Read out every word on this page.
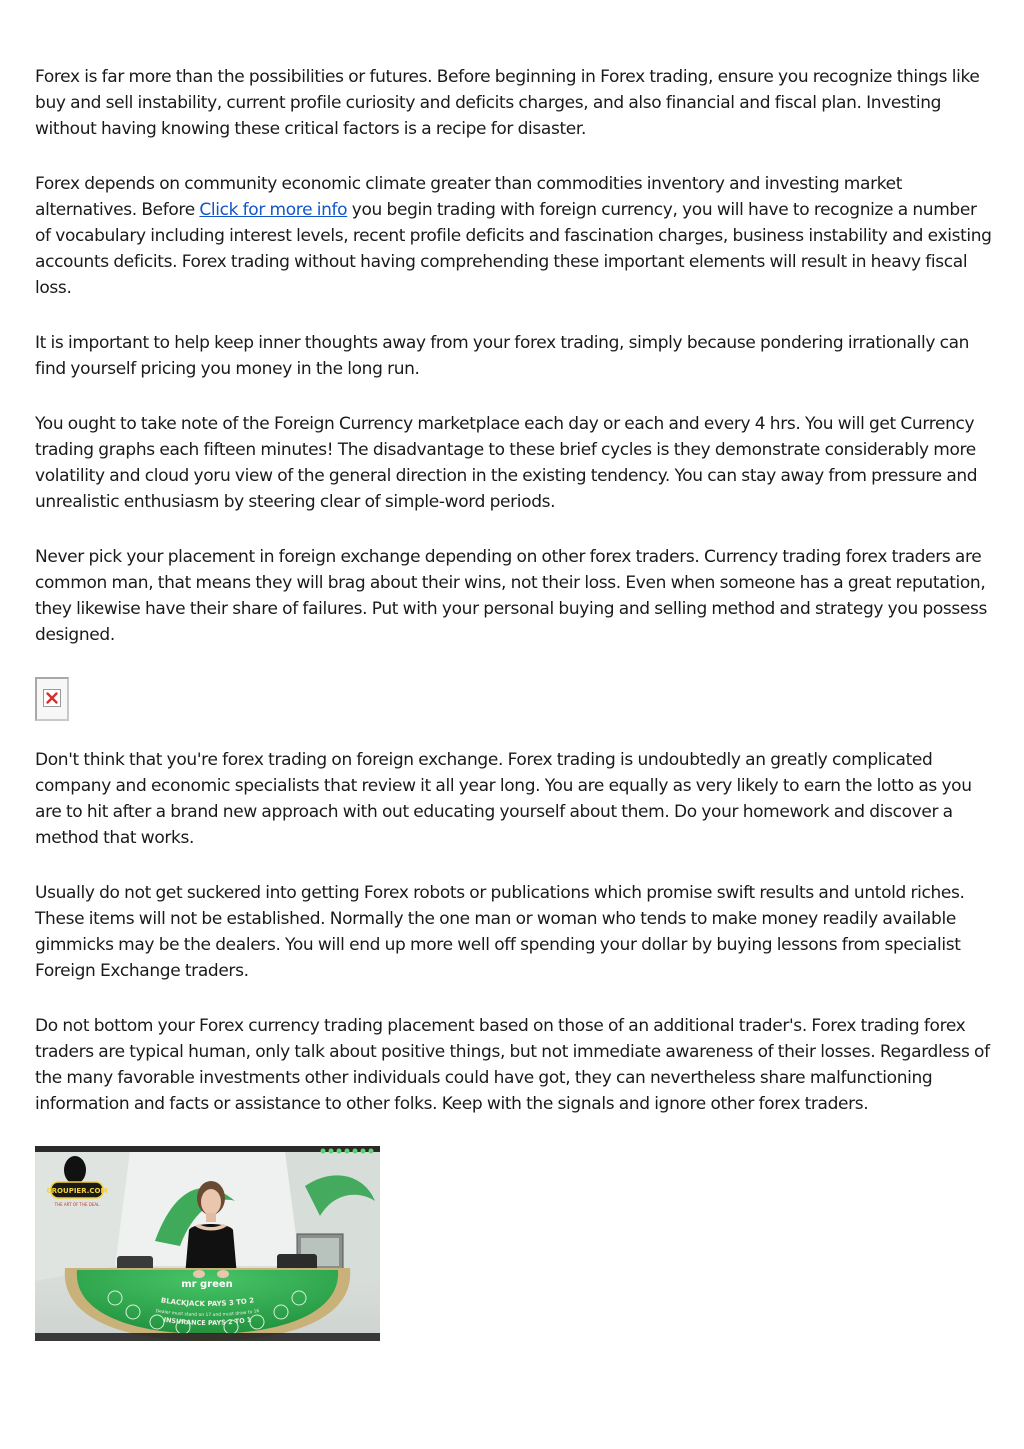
Forex is far more than the possibilities or futures. Before beginning in Forex trading, ensure you recognize things like buy and sell instability, current profile curiosity and deficits charges, and also financial and fiscal plan. Investing without having knowing these critical factors is a recipe for disaster.

Forex depends on community economic climate greater than commodities inventory and investing market alternatives. Before Click for more info you begin trading with foreign currency, you will have to recognize a number of vocabulary including interest levels, recent profile deficits and fascination charges, business instability and existing accounts deficits. Forex trading without having comprehending these important elements will result in heavy fiscal loss.

It is important to help keep inner thoughts away from your forex trading, simply because pondering irrationally can find yourself pricing you money in the long run.

You ought to take note of the Foreign Currency marketplace each day or each and every 4 hrs. You will get Currency trading graphs each fifteen minutes! The disadvantage to these brief cycles is they demonstrate considerably more volatility and cloud yoru view of the general direction in the existing tendency. You can stay away from pressure and unrealistic enthusiasm by steering clear of simple-word periods.

Never pick your placement in foreign exchange depending on other forex traders. Currency trading forex traders are common man, that means they will brag about their wins, not their loss. Even when someone has a great reputation, they likewise have their share of failures. Put with your personal buying and selling method and strategy you possess designed.

Don't think that you're forex trading on foreign exchange. Forex trading is undoubtedly an greatly complicated company and economic specialists that review it all year long. You are equally as very likely to earn the lotto as you are to hit after a brand new approach with out educating yourself about them. Do your homework and discover a method that works.

Usually do not get suckered into getting Forex robots or publications which promise swift results and untold riches. These items will not be established. Normally the one man or woman who tends to make money readily available gimmicks may be the dealers. You will end up more well off spending your dollar by buying lessons from specialist Foreign Exchange traders.

Do not bottom your Forex currency trading placement based on those of an additional trader's. Forex trading forex traders are typical human, only talk about positive things, but not immediate awareness of their losses. Regardless of the many favorable investments other individuals could have got, they can nevertheless share malfunctioning information and facts or assistance to other folks. Keep with the signals and ignore other forex traders.

BLACKJACK PAYS 3 TO 2
Dealer must stand on 17 and must draw to 16
INSURANCE PAYS 2 TO 1
mr green
CROUPIER.COM
THE ART OF THE DEAL
